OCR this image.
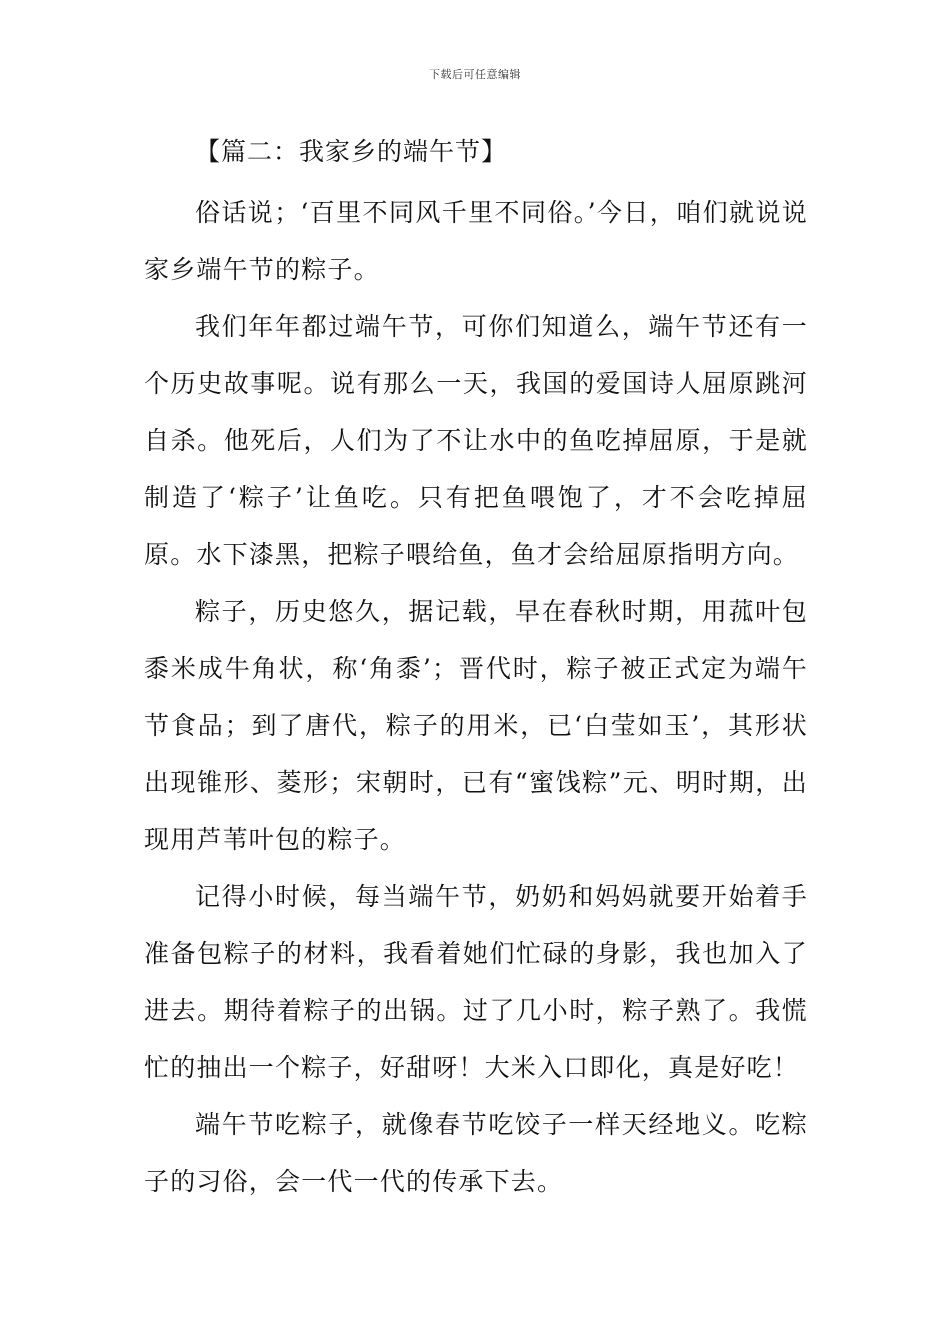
下载后可任意编辑
【篇二：我家乡的端午节】

俗话说；‘百里不同风千里不同俗。’今日，咱们就说说家乡端午节的粽子。

我们年年都过端午节，可你们知道么，端午节还有一个历史故事呢。说有那么一天，我国的爱国诗人屈原跳河自杀。他死后，人们为了不让水中的鱼吃掉屈原，于是就制造了‘粽子’让鱼吃。只有把鱼喂饱了，才不会吃掉屈原。水下漆黑，把粽子喂给鱼，鱼才会给屈原指明方向。

粽子，历史悠久，据记载，早在春秋时期，用菰叶包黍米成牛角状，称‘角黍’；晋代时，粽子被正式定为端午节食品；到了唐代，粽子的用米，已‘白莹如玉’，其形状出现锥形、菱形；宋朝时，已有“蜜饯粽”元、明时期，出现用芦苇叶包的粽子。

记得小时候，每当端午节，奶奶和妈妈就要开始着手准备包粽子的材料，我看着她们忙碌的身影，我也加入了进去。期待着粽子的出锅。过了几小时，粽子熟了。我慌忙的抽出一个粽子，好甜呀！大米入口即化，真是好吃！

端午节吃粽子，就像春节吃饺子一样天经地义。吃粽子的习俗，会一代一代的传承下去。
